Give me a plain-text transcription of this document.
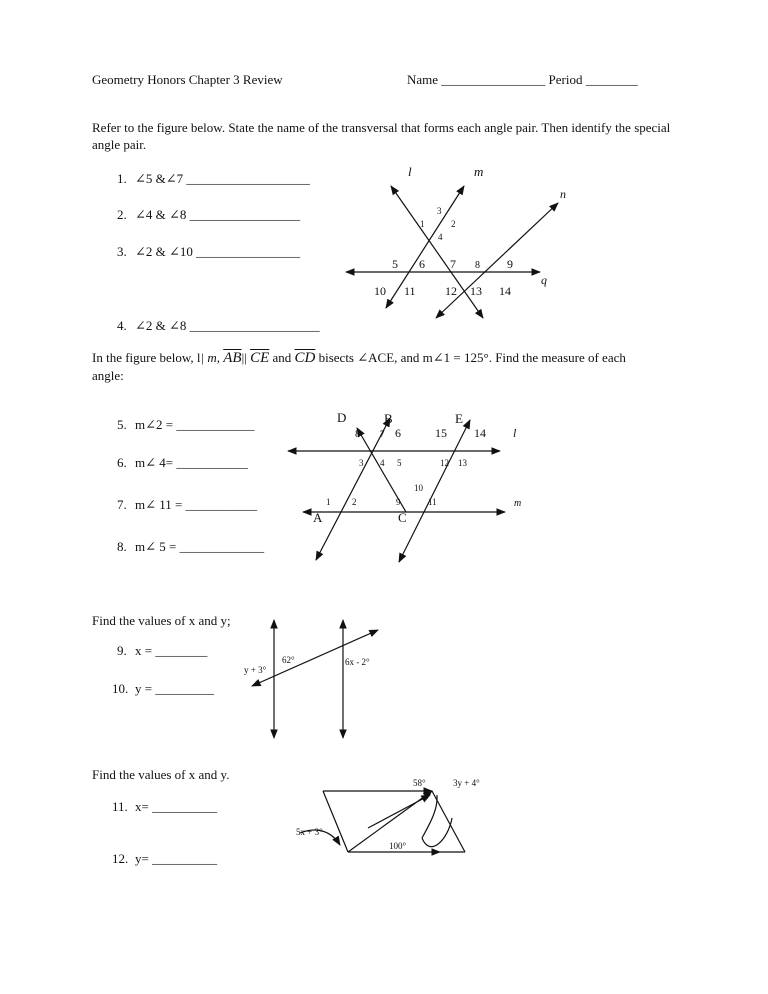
Geometry Honors Chapter 3 Review	Name ________________ Period ________
Refer to the figure below. State the name of the transversal that forms each angle pair. Then identify the special
angle pair.
1. ∠5 &∠7 ___________________
2. ∠4 & ∠8 _________________
3. ∠2 & ∠10 ________________
4. ∠2 & ∠8 ____________________
l	m
n
q
1	2
3
4
5 6 7 8 9
10 11 12 13 14
In the figure below, l| m, $\overline{AB}||$ $\overline{CE}$ and $\overline{CD}$ bisects ∠ACE, and m∠1 = 125°. Find the measure of each
angle:
5. m∠2 = ____________
6. m∠ 4= ___________
7. m∠ 11 = ___________
8. m∠ 5 = _____________
D	B	E
A	C
l
m
1 2
3 4 5
6
7
8
9
10
11
12 13
14
15
Find the values of x and y;
9. x = ________
10. y = _________
62°	6x - 2°
y + 3°
Find the values of x and y.
11. x= __________
12. y= __________
58°	3y + 4°
5x + 3°
100°
